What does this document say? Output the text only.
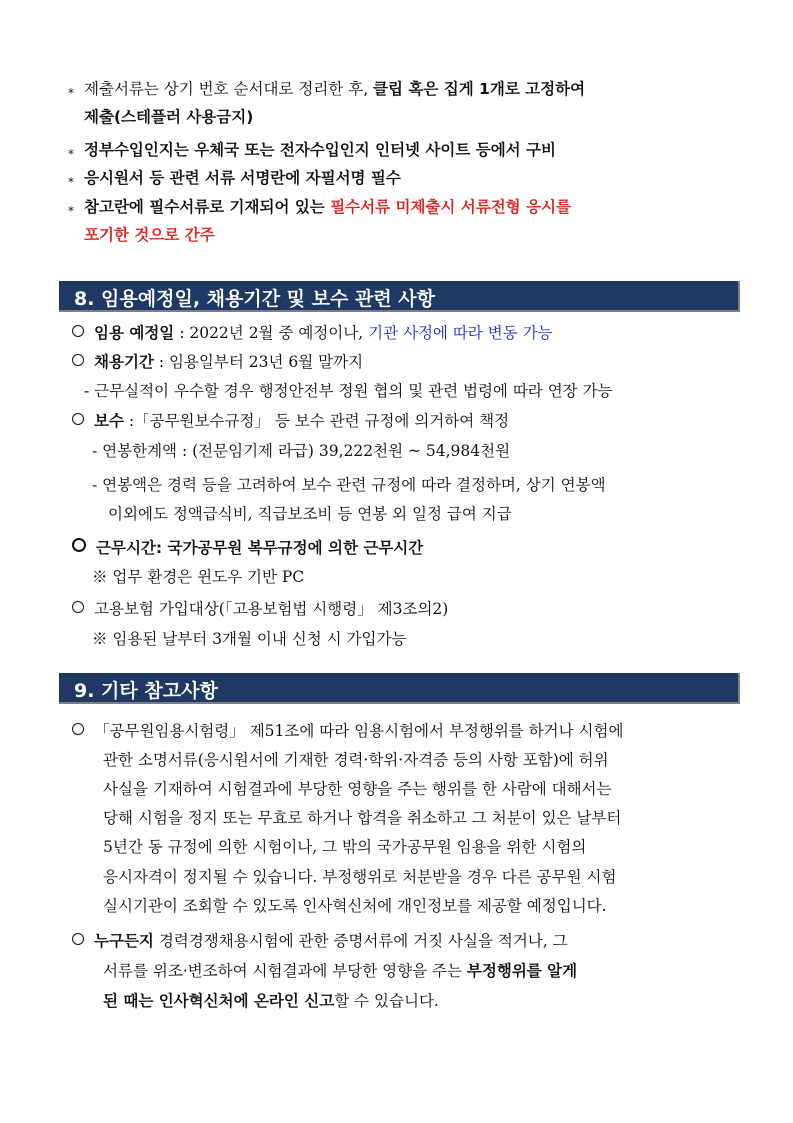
* 제출서류는 상기 번호 순서대로 정리한 후, 클립 혹은 집게 1개로 고정하여
제출(스테플러 사용금지)
* 정부수입인지는 우체국 또는 전자수입인지 인터넷 사이트 등에서 구비
* 응시원서 등 관련 서류 서명란에 자필서명 필수
* 참고란에 필수서류로 기재되어 있는 필수서류 미제출시 서류전형 응시를
포기한 것으로 간주
8. 임용예정일, 채용기간 및 보수 관련 사항
임용 예정일 : 2022년 2월 중 예정이나, 기관 사정에 따라 변동 가능
채용기간 : 임용일부터 23년 6월 말까지
- 근무실적이 우수할 경우 행정안전부 정원 협의 및 관련 법령에 따라 연장 가능
보수 :「공무원보수규정」 등 보수 관련 규정에 의거하여 책정
- 연봉한계액 : (전문임기제 라급) 39,222천원 ~ 54,984천원
- 연봉액은 경력 등을 고려하여 보수 관련 규정에 따라 결정하며, 상기 연봉액
이외에도 정액급식비, 직급보조비 등 연봉 외 일정 급여 지급
근무시간: 국가공무원 복무규정에 의한 근무시간
※ 업무 환경은 윈도우 기반 PC
고용보험 가입대상(「고용보험법 시행령」 제3조의2)
※ 임용된 날부터 3개월 이내 신청 시 가입가능
9. 기타 참고사항
「공무원임용시험령」 제51조에 따라 임용시험에서 부정행위를 하거나 시험에
관한 소명서류(응시원서에 기재한 경력·학위·자격증 등의 사항 포함)에 허위
사실을 기재하여 시험결과에 부당한 영향을 주는 행위를 한 사람에 대해서는
당해 시험을 정지 또는 무효로 하거나 합격을 취소하고 그 처분이 있은 날부터
5년간 동 규정에 의한 시험이나, 그 밖의 국가공무원 임용을 위한 시험의
응시자격이 정지될 수 있습니다. 부정행위로 처분받을 경우 다른 공무원 시험
실시기관이 조회할 수 있도록 인사혁신처에 개인정보를 제공할 예정입니다.
누구든지 경력경쟁채용시험에 관한 증명서류에 거짓 사실을 적거나, 그
서류를 위조·변조하여 시험결과에 부당한 영향을 주는 부정행위를 알게
된 때는 인사혁신처에 온라인 신고할 수 있습니다.
